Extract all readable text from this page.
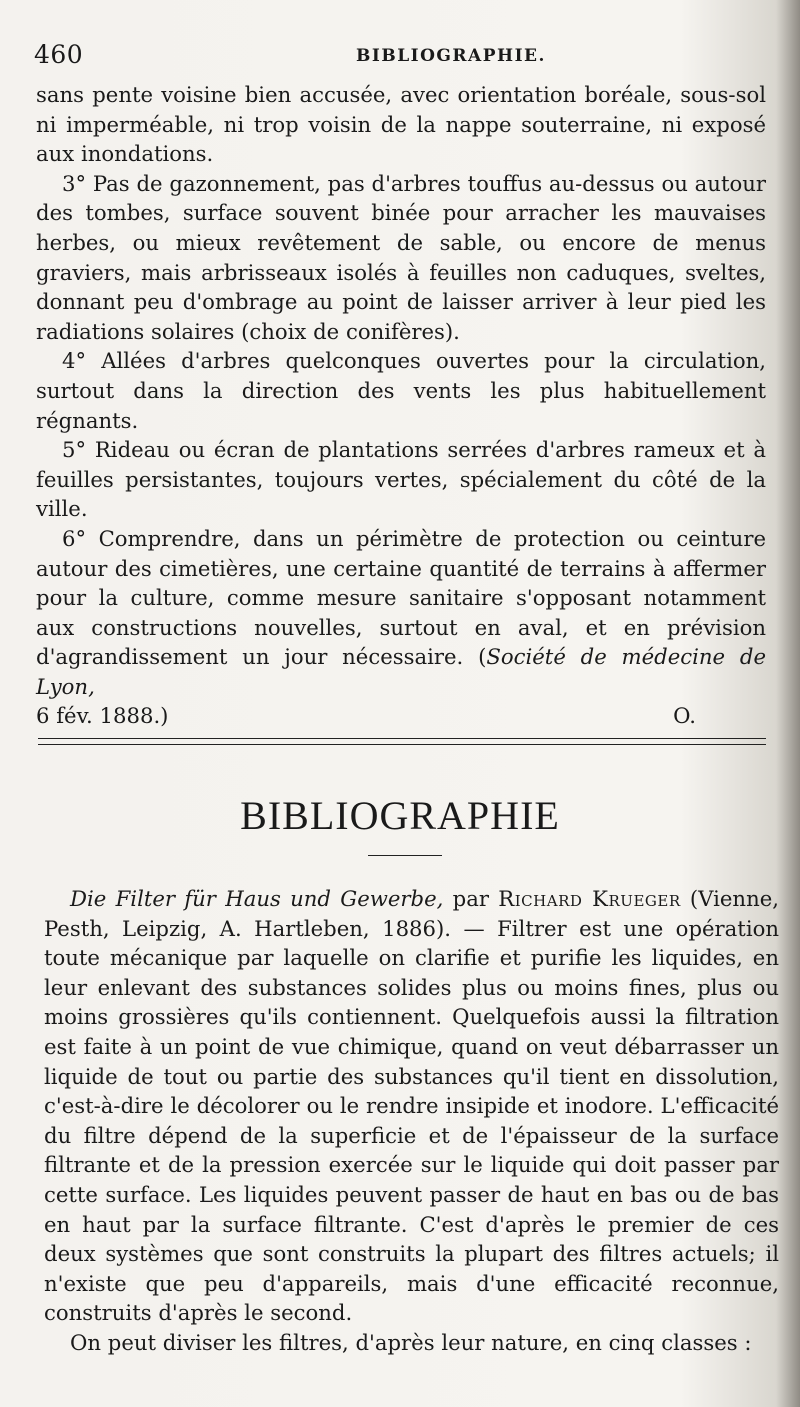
460	BIBLIOGRAPHIE.

sans pente voisine bien accusée, avec orientation boréale, sous-sol ni imperméable, ni trop voisin de la nappe souterraine, ni exposé aux inondations.

3° Pas de gazonnement, pas d'arbres touffus au-dessus ou autour des tombes, surface souvent binée pour arracher les mauvaises herbes, ou mieux revêtement de sable, ou encore de menus graviers, mais arbrisseaux isolés à feuilles non caduques, sveltes, donnant peu d'ombrage au point de laisser arriver à leur pied les radiations solaires (choix de conifères).

4° Allées d'arbres quelconques ouvertes pour la circulation, surtout dans la direction des vents les plus habituellement régnants.

5° Rideau ou écran de plantations serrées d'arbres rameux et à feuilles persistantes, toujours vertes, spécialement du côté de la ville.

6° Comprendre, dans un périmètre de protection ou ceinture autour des cimetières, une certaine quantité de terrains à affermer pour la culture, comme mesure sanitaire s'opposant notamment aux constructions nouvelles, surtout en aval, et en prévision d'agrandissement un jour nécessaire. (Société de médecine de Lyon,

6 fév. 1888.)	O.

BIBLIOGRAPHIE

Die Filter für Haus und Gewerbe, par Richard Krueger (Vienne, Pesth, Leipzig, A. Hartleben, 1886). — Filtrer est une opération toute mécanique par laquelle on clarifie et purifie les liquides, en leur enlevant des substances solides plus ou moins fines, plus ou moins grossières qu'ils contiennent. Quelquefois aussi la filtration est faite à un point de vue chimique, quand on veut débarrasser un liquide de tout ou partie des substances qu'il tient en dissolution, c'est-à-dire le décolorer ou le rendre insipide et inodore. L'efficacité du filtre dépend de la superficie et de l'épaisseur de la surface filtrante et de la pression exercée sur le liquide qui doit passer par cette surface. Les liquides peuvent passer de haut en bas ou de bas en haut par la surface filtrante. C'est d'après le premier de ces deux systèmes que sont construits la plupart des filtres actuels; il n'existe que peu d'appareils, mais d'une efficacité reconnue, construits d'après le second.

On peut diviser les filtres, d'après leur nature, en cinq classes :
